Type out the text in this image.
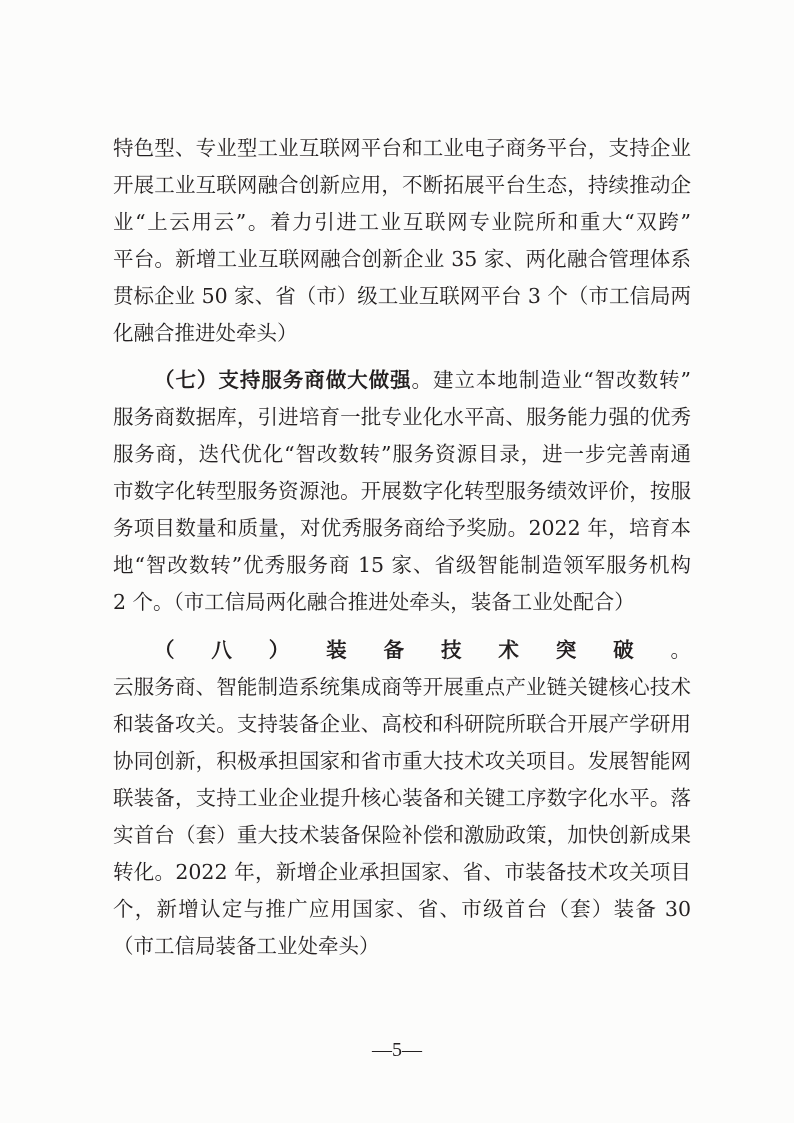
特色型、专业型工业互联网平台和工业电子商务平台，支持企业
开展工业互联网融合创新应用，不断拓展平台生态，持续推动企
业“上云用云”。着力引进工业互联网专业院所和重大“双跨”
平台。新增工业互联网融合创新企业 35 家、两化融合管理体系
贯标企业 50 家、省（市）级工业互联网平台 3 个（市工信局两
化融合推进处牵头）
（七）支持服务商做大做强。建立本地制造业“智改数转”
服务商数据库，引进培育一批专业化水平高、服务能力强的优秀
服务商，迭代优化“智改数转”服务资源目录，进一步完善南通
市数字化转型服务资源池。开展数字化转型服务绩效评价，按服
务项目数量和质量，对优秀服务商给予奖励。2022 年，培育本
地“智改数转”优秀服务商 15 家、省级智能制造领军服务机构
2 个。（市工信局两化融合推进处牵头，装备工业处配合）
（八）装备技术突破。
云服务商、智能制造系统集成商等开展重点产业链关键核心技术
和装备攻关。支持装备企业、高校和科研院所联合开展产学研用
协同创新，积极承担国家和省市重大技术攻关项目。发展智能网
联装备，支持工业企业提升核心装备和关键工序数字化水平。落
实首台（套）重大技术装备保险补偿和激励政策，加快创新成果
转化。2022 年，新增企业承担国家、省、市装备技术攻关项目
个，新增认定与推广应用国家、省、市级首台（套）装备 30
（市工信局装备工业处牵头）
—5—
